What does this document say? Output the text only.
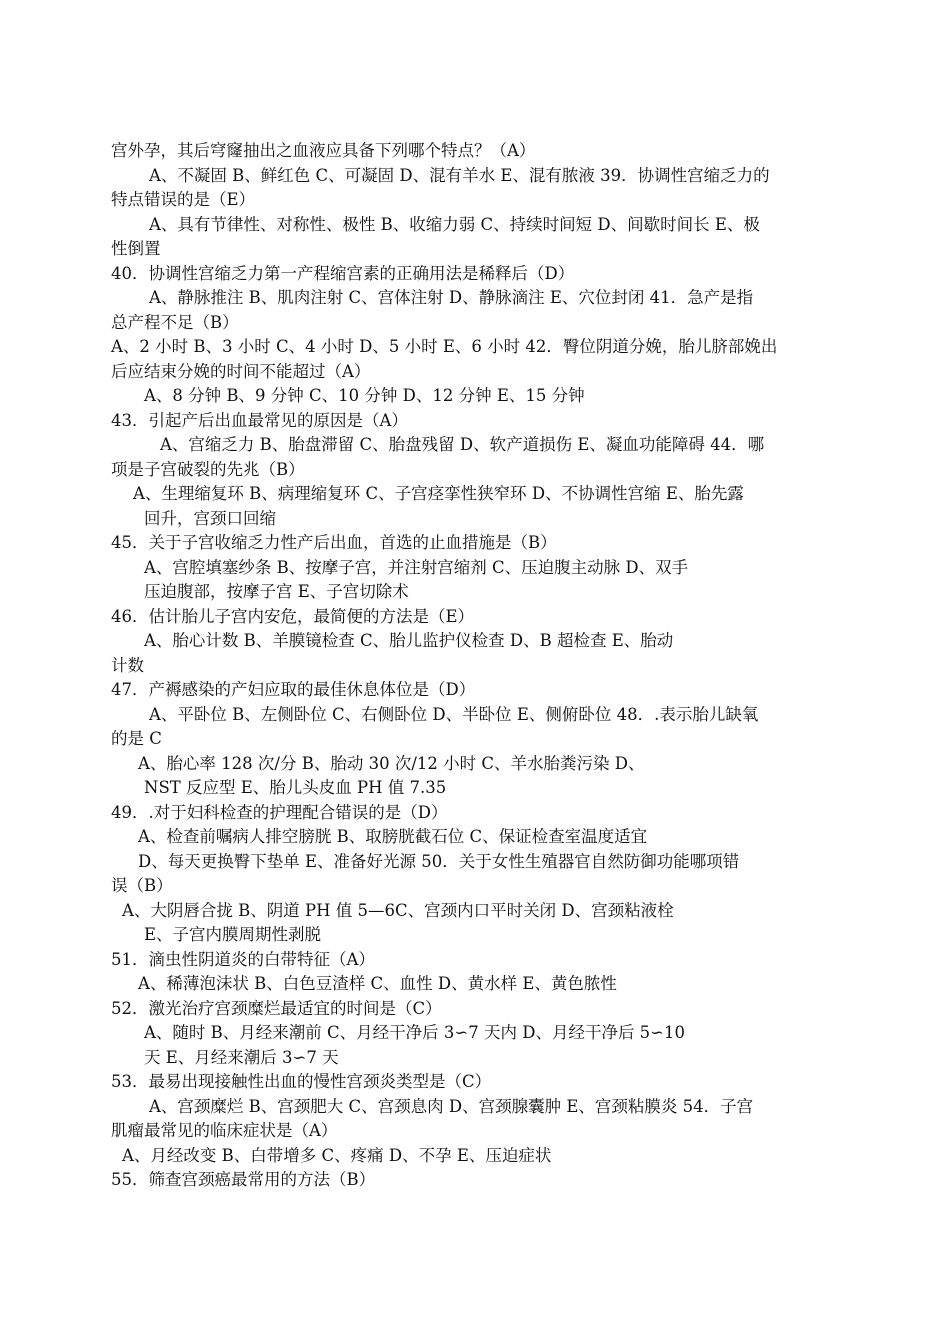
宫外孕，其后穹窿抽出之血液应具备下列哪个特点？（A）
A、不凝固 B、鲜红色 C、可凝固 D、混有羊水 E、混有脓液 39．协调性宫缩乏力的
特点错误的是（E）
A、具有节律性、对称性、极性 B、收缩力弱 C、持续时间短 D、间歇时间长 E、极
性倒置
40．协调性宫缩乏力第一产程缩宫素的正确用法是稀释后（D）
A、静脉推注 B、肌肉注射 C、宫体注射 D、静脉滴注 E、穴位封闭 41．急产是指
总产程不足（B）
A、2 小时 B、3 小时 C、4 小时 D、5 小时 E、6 小时 42．臀位阴道分娩，胎儿脐部娩出
后应结束分娩的时间不能超过（A）
A、8 分钟 B、9 分钟 C、10 分钟 D、12 分钟 E、15 分钟
43．引起产后出血最常见的原因是（A）
A、宫缩乏力 B、胎盘滞留 C、胎盘残留 D、软产道损伤 E、凝血功能障碍 44．哪
项是子宫破裂的先兆（B）
A、生理缩复环 B、病理缩复环 C、子宫痉挛性狭窄环 D、不协调性宫缩 E、胎先露
回升，宫颈口回缩
45．关于子宫收缩乏力性产后出血，首选的止血措施是（B）
A、宫腔填塞纱条 B、按摩子宫，并注射宫缩剂 C、压迫腹主动脉 D、双手
压迫腹部，按摩子宫 E、子宫切除术
46．估计胎儿子宫内安危，最简便的方法是（E）
A、胎心计数 B、羊膜镜检查 C、胎儿监护仪检查 D、B 超检查 E、胎动
计数
47．产褥感染的产妇应取的最佳休息体位是（D）
A、平卧位 B、左侧卧位 C、右侧卧位 D、半卧位 E、侧俯卧位 48．.表示胎儿缺氧
的是 C
A、胎心率 128 次/分 B、胎动 30 次/12 小时 C、羊水胎粪污染 D、
NST 反应型 E、胎儿头皮血 PH 值 7.35
49．.对于妇科检查的护理配合错误的是（D）
A、检查前嘱病人排空膀胱 B、取膀胱截石位 C、保证检查室温度适宜
D、每天更换臀下垫单 E、准备好光源 50．关于女性生殖器官自然防御功能哪项错
误（B）
A、大阴唇合拢 B、阴道 PH 值 5—6C、宫颈内口平时关闭 D、宫颈粘液栓
E、子宫内膜周期性剥脱
51．滴虫性阴道炎的白带特征（A）
A、稀薄泡沫状 B、白色豆渣样 C、血性 D、黄水样 E、黄色脓性
52．激光治疗宫颈糜烂最适宜的时间是（C）
A、随时 B、月经来潮前 C、月经干净后 3∽7 天内 D、月经干净后 5∽10
天 E、月经来潮后 3∽7 天
53．最易出现接触性出血的慢性宫颈炎类型是（C）
A、宫颈糜烂 B、宫颈肥大 C、宫颈息肉 D、宫颈腺囊肿 E、宫颈粘膜炎 54．子宫
肌瘤最常见的临床症状是（A）
A、月经改变 B、白带增多 C、疼痛 D、不孕 E、压迫症状
55．筛查宫颈癌最常用的方法（B）
